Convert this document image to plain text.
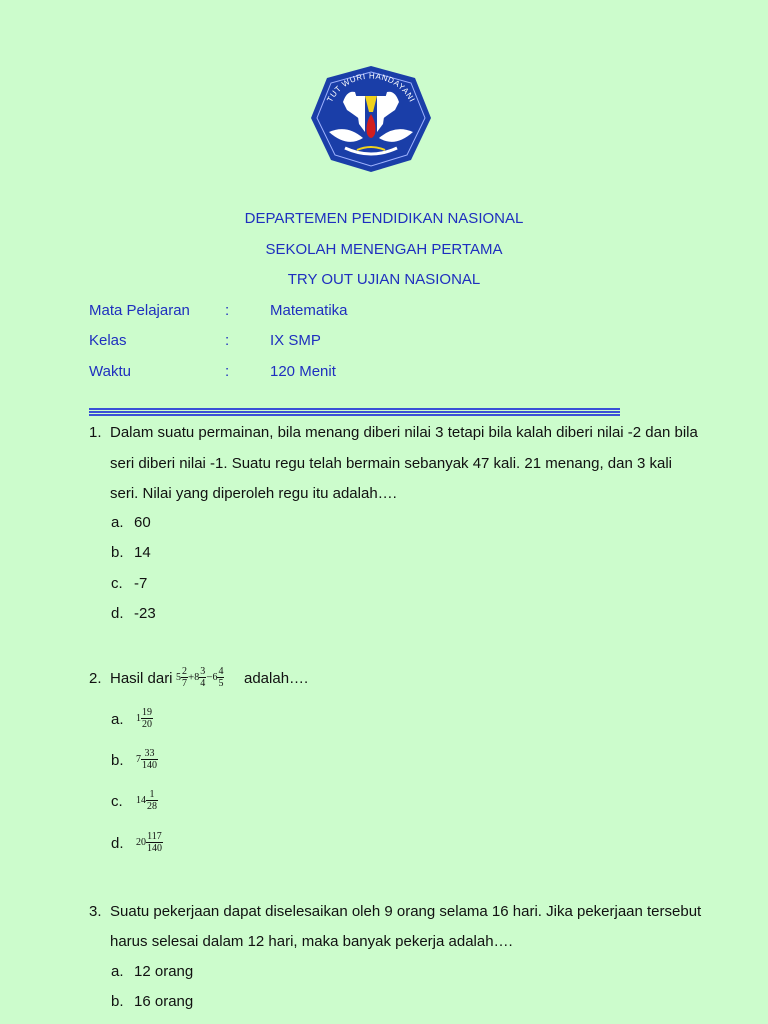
TUT WURI HANDAYANI
DEPARTEMEN PENDIDIKAN NASIONAL
SEKOLAH MENENGAH PERTAMA
TRY OUT UJIAN NASIONAL
Mata Pelajaran :	Matematika
Kelas	:	IX SMP
Waktu	:	120 Menit
1. Dalam suatu permainan, bila menang diberi nilai 3 tetapi bila kalah diberi nilai -2 dan bila
seri diberi nilai -1. Suatu regu telah bermain sebanyak 47 kali. 21 menang, dan 3 kali
seri. Nilai yang diperoleh regu itu adalah….
a. 60
b. 14
c. -7
d. -23
2. Hasil dari $5 \frac{2}{7} +8 \frac{3}{4} -6 \frac{4}{5}$ adalah….
a. $1 \frac{19}{20}$
b. $7 \frac{33}{140}$
c. $14 \frac{1}{28}$
d. $20 \frac{117}{140}$
3. Suatu pekerjaan dapat diselesaikan oleh 9 orang selama 16 hari. Jika pekerjaan tersebut
harus selesai dalam 12 hari, maka banyak pekerja adalah….
a. 12 orang
b. 16 orang
